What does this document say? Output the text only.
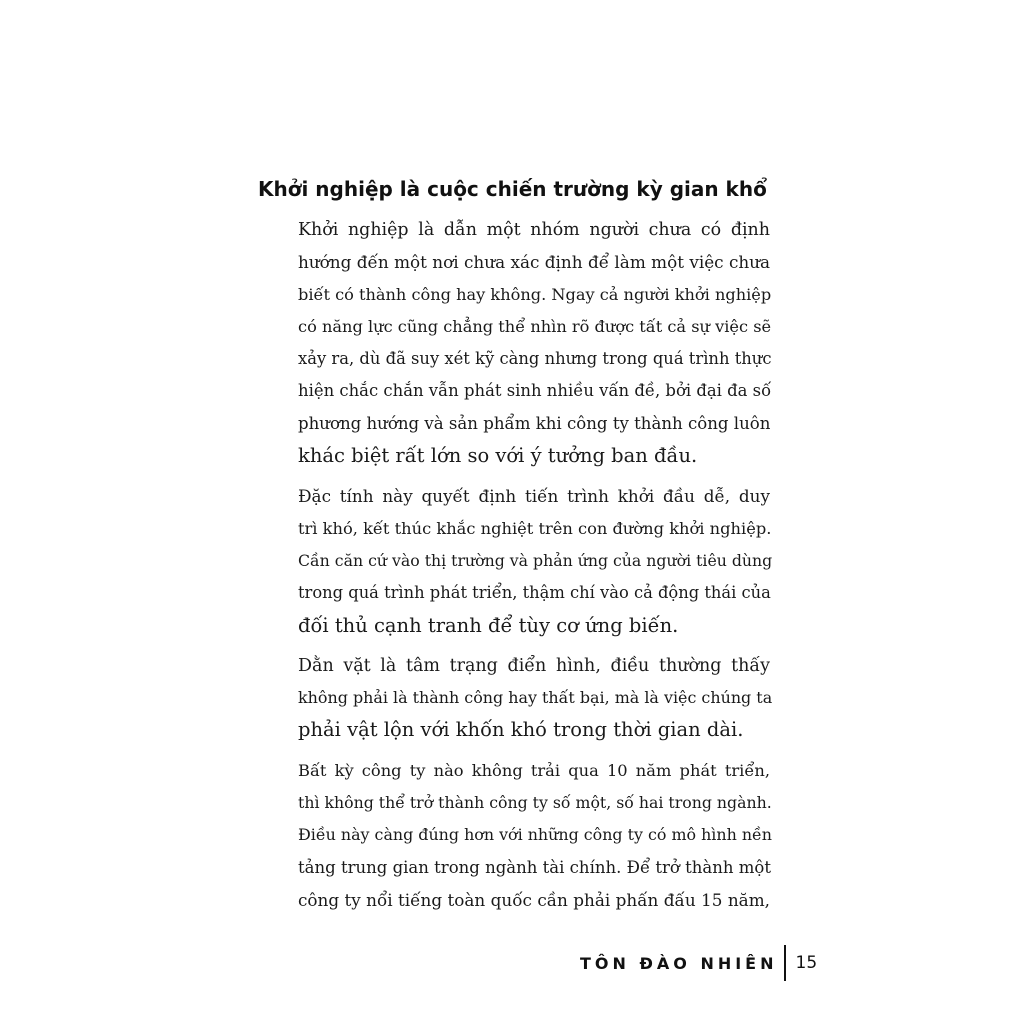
Khởi nghiệp là cuộc chiến trường kỳ gian khổ

Khởi nghiệp là dẫn một nhóm người chưa có định
hướng đến một nơi chưa xác định để làm một việc chưa
biết có thành công hay không. Ngay cả người khởi nghiệp
có năng lực cũng chẳng thể nhìn rõ được tất cả sự việc sẽ
xảy ra, dù đã suy xét kỹ càng nhưng trong quá trình thực
hiện chắc chắn vẫn phát sinh nhiều vấn đề, bởi đại đa số
phương hướng và sản phẩm khi công ty thành công luôn
khác biệt rất lớn so với ý tưởng ban đầu.

Đặc tính này quyết định tiến trình khởi đầu dễ, duy
trì khó, kết thúc khắc nghiệt trên con đường khởi nghiệp.
Cần căn cứ vào thị trường và phản ứng của người tiêu dùng
trong quá trình phát triển, thậm chí vào cả động thái của
đối thủ cạnh tranh để tùy cơ ứng biến.

Dằn vặt là tâm trạng điển hình, điều thường thấy
không phải là thành công hay thất bại, mà là việc chúng ta
phải vật lộn với khốn khó trong thời gian dài.

Bất kỳ công ty nào không trải qua 10 năm phát triển,
thì không thể trở thành công ty số một, số hai trong ngành.
Điều này càng đúng hơn với những công ty có mô hình nền
tảng trung gian trong ngành tài chính. Để trở thành một
công ty nổi tiếng toàn quốc cần phải phấn đấu 15 năm,

TÔN ĐÀO NHIÊN 15
